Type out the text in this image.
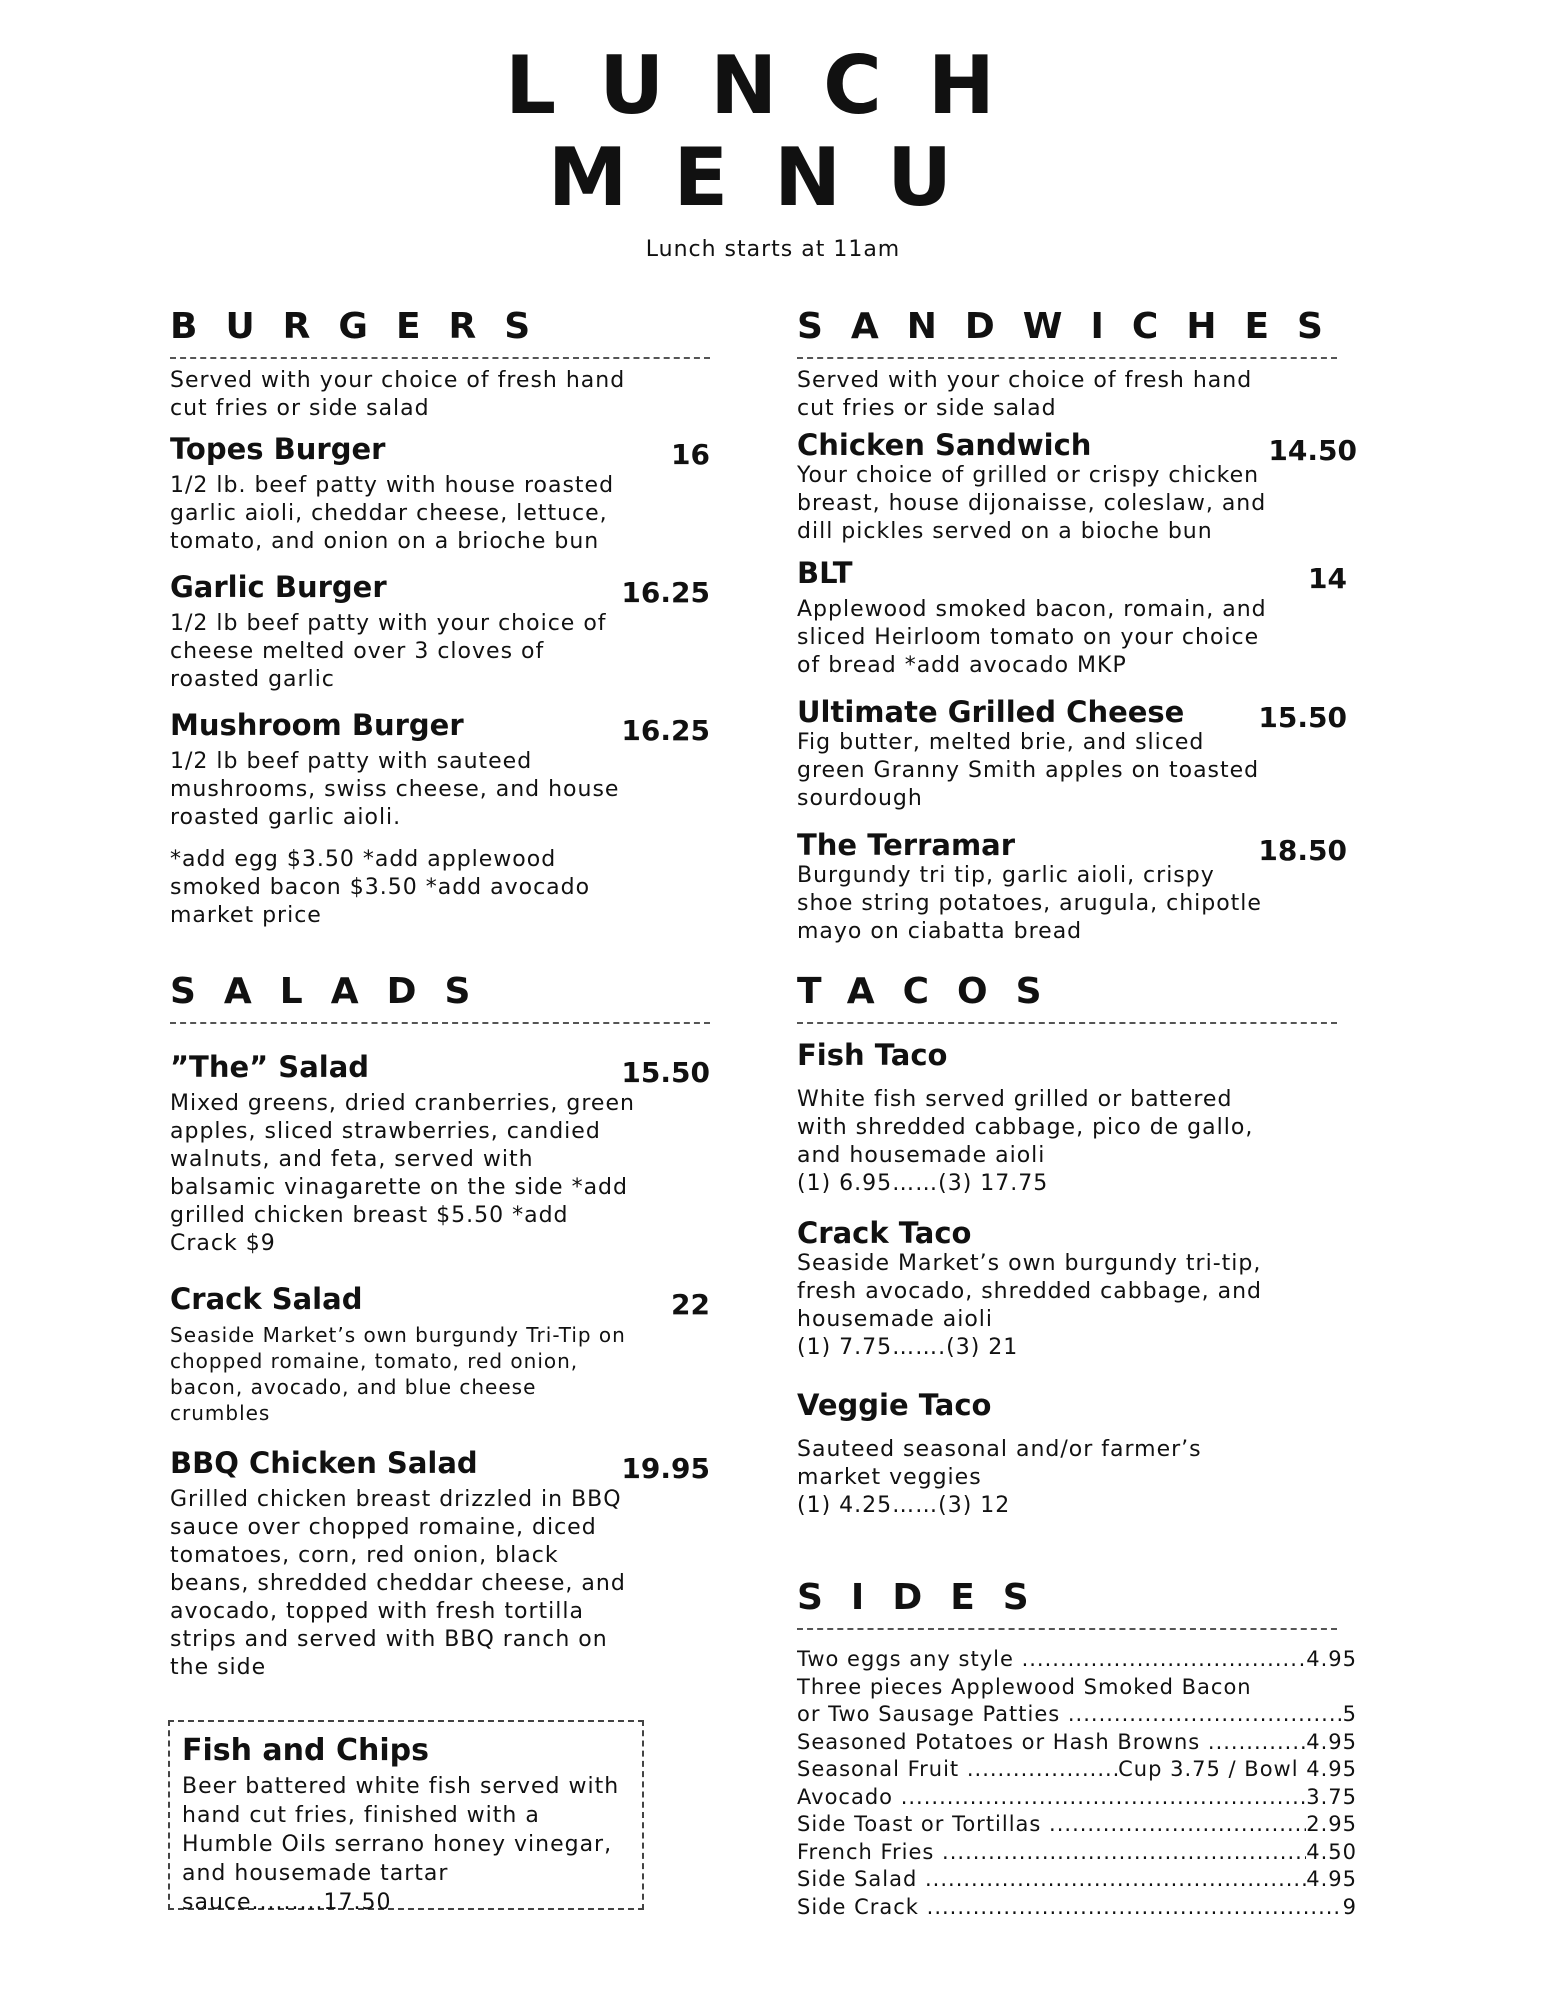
LUNCH
MENU
Lunch starts at 11am
BURGERS
Served with your choice of fresh hand cut fries or side salad
Topes Burger	16
1/2 lb. beef patty with house roasted garlic aioli, cheddar cheese, lettuce, tomato, and onion on a brioche bun
Garlic Burger	16.25
1/2 lb beef patty with your choice of cheese melted over 3 cloves of roasted garlic
Mushroom Burger	16.25
1/2 lb beef patty with sauteed mushrooms, swiss cheese, and house roasted garlic aioli.
*add egg $3.50 *add applewood smoked bacon $3.50 *add avocado market price
SALADS
”The” Salad	15.50
Mixed greens, dried cranberries, green apples, sliced strawberries, candied walnuts, and feta, served with balsamic vinagarette on the side *add grilled chicken breast $5.50 *add Crack $9
Crack Salad	22
Seaside Market’s own burgundy Tri-Tip on chopped romaine, tomato, red onion, bacon, avocado, and blue cheese crumbles
BBQ Chicken Salad	19.95
Grilled chicken breast drizzled in BBQ sauce over chopped romaine, diced tomatoes, corn, red onion, black beans, shredded cheddar cheese, and avocado, topped with fresh tortilla strips and served with BBQ ranch on the side
Fish and Chips
Beer battered white fish served with hand cut fries, finished with a Humble Oils serrano honey vinegar, and housemade tartar sauce.........17.50
SANDWICHES
Served with your choice of fresh hand cut fries or side salad
Chicken Sandwich	14.50
Your choice of grilled or crispy chicken breast, house dijonaisse, coleslaw, and dill pickles served on a bioche bun
BLT	14
Applewood smoked bacon, romain, and sliced Heirloom tomato on your choice of bread *add avocado MKP
Ultimate Grilled Cheese	15.50
Fig butter, melted brie, and sliced green Granny Smith apples on toasted sourdough
The Terramar	18.50
Burgundy tri tip, garlic aioli, crispy shoe string potatoes, arugula, chipotle mayo on ciabatta bread
TACOS
Fish Taco
White fish served grilled or battered with shredded cabbage, pico de gallo, and housemade aioli
(1) 6.95……(3) 17.75
Crack Taco
Seaside Market’s own burgundy tri-tip, fresh avocado, shredded cabbage, and housemade aioli
(1) 7.75…….(3) 21
Veggie Taco
Sauteed seasonal and/or farmer’s market veggies
(1) 4.25……(3) 12
SIDES
Two eggs any style .....	.4.95
Three pieces Applewood Smoked Bacon
or Two Sausage Patties .....	5
Seasoned Potatoes or Hash Browns .....	4.95
Seasonal Fruit .....	Cup 3.75 / Bowl 4.95
Avocado .....	3.75
Side Toast or Tortillas .....	2.95
French Fries .....	4.50
Side Salad .....	4.95
Side Crack .....	9
